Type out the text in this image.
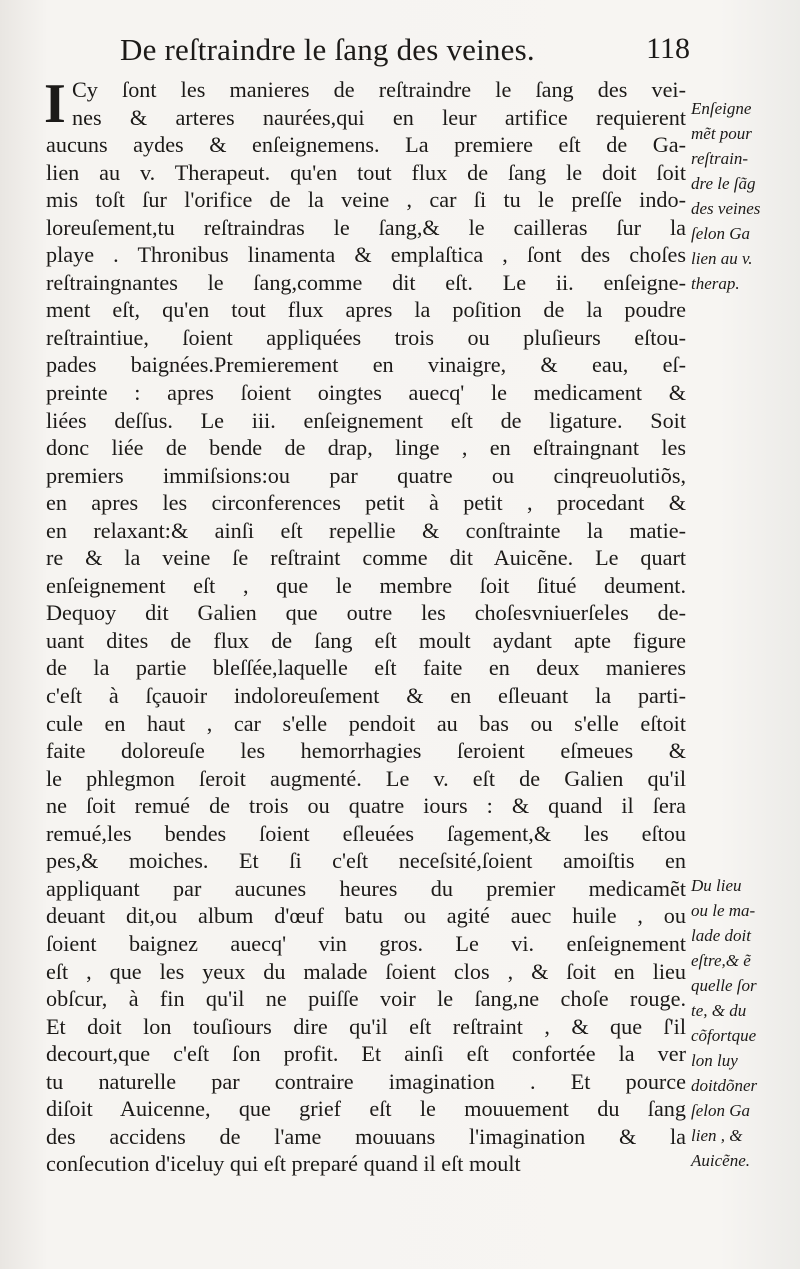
De reſtraindre le ſang des veines.	118
I Cy ſont les manieres de reſtraindre le ſang des vei-
nes & arteres naurées,qui en leur artifice requierent
aucuns aydes & enſeignemens. La premiere eſt de Ga-
lien au v. Therapeut. qu'en tout flux de ſang le doit ſoit
mis toſt ſur l'orifice de la veine , car ſi tu le preſſe indo-
loreuſement,tu reſtraindras le ſang,& le cailleras ſur la
playe . Thronibus linamenta & emplaſtica , ſont des choſes
reſtraingnantes le ſang,comme dit eſt. Le ii. enſeigne-
ment eſt, qu'en tout flux apres la poſition de la poudre
reſtraintiue, ſoient appliquées trois ou pluſieurs eſtou-
pades baignées.Premierement en vinaigre, & eau, eſ-
preinte : apres ſoient oingtes auecq' le medicament &
liées deſſus. Le iii. enſeignement eſt de ligature. Soit
donc liée de bende de drap, linge , en eſtraingnant les
premiers immiſsions:ou par quatre ou cinqreuolutiõs,
en apres les circonferences petit à petit , procedant &
en relaxant:& ainſi eſt repellie & conſtrainte la matie-
re & la veine ſe reſtraint comme dit Auicẽne. Le quart
enſeignement eſt , que le membre ſoit ſitué deument.
Dequoy dit Galien que outre les choſesvniuerſeles de-
uant dites de flux de ſang eſt moult aydant apte figure
de la partie bleſſée,laquelle eſt faite en deux manieres
c'eſt à ſçauoir indoloreuſement & en eſleuant la parti-
cule en haut , car s'elle pendoit au bas ou s'elle eſtoit
faite doloreuſe les hemorrhagies ſeroient eſmeues &
le phlegmon ſeroit augmenté. Le v. eſt de Galien qu'il
ne ſoit remué de trois ou quatre iours : & quand il ſera
remué,les bendes ſoient eſleuées ſagement,& les eſtou
pes,& moiches. Et ſi c'eſt neceſsité,ſoient amoiſtis en
appliquant par aucunes heures du premier medicamẽt
deuant dit,ou album d'œuf batu ou agité auec huile , ou
ſoient baignez auecq' vin gros. Le vi. enſeignement
eſt , que les yeux du malade ſoient clos , & ſoit en lieu
obſcur, à fin qu'il ne puiſſe voir le ſang,ne choſe rouge.
Et doit lon touſiours dire qu'il eſt reſtraint , & que ſ'il
decourt,que c'eſt ſon profit. Et ainſi eſt confortée la ver
tu naturelle par contraire imagination . Et pource
diſoit Auicenne, que grief eſt le mouuement du ſang
des accidens de l'ame mouuans l'imagination & la
conſecution d'iceluy qui eſt preparé quand il eſt moult
Enſeigne
mẽt pour
reſtrain-
dre le ſãg
des veines
ſelon Ga
lien au v.
therap.
Du lieu
ou le ma-
lade doit
eſtre,& ẽ
quelle ſor
te, & du
cõfortque
lon luy
doitdõner
ſelon Ga
lien , &
Auicẽne.
